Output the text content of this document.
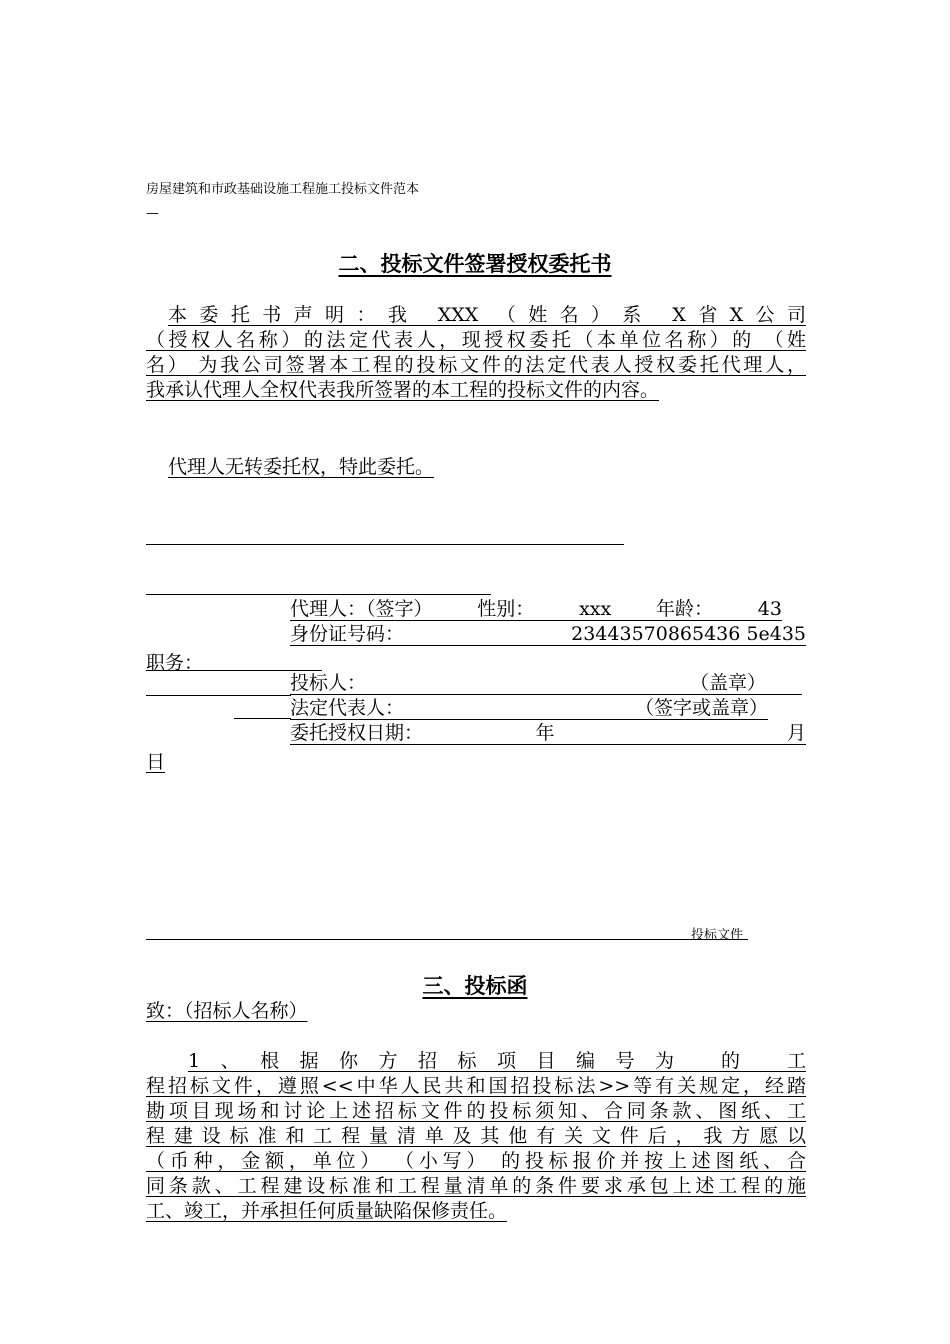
房屋建筑和市政基础设施工程施工投标文件范本
—
二、投标文件签署授权委托书
本委托书声明：我 XXX （姓名）系 X省X公司
（授权人名称）的法定代表人，现授权委托（本单位名称）的 （姓
名） 为我公司签署本工程的投标文件的法定代表人授权委托代理人，
我承认代理人全权代表我所签署的本工程的投标文件的内容。
代理人无转委托权，特此委托。
代理人：（签字） 性别： xxx 年龄： 43
身份证号码：	23443570865436 5e435
职务：
投标人：	（盖章）
法定代表人：	（签字或盖章）
委托授权日期：	年	月
日
投标文件
三、投标函
致：（招标人名称）
1、根据你方招标项目编号为 的 工
程招标文件，遵照<<中华人民共和国招投标法>>等有关规定，经踏
勘项目现场和讨论上述招标文件的投标须知、合同条款、图纸、工
程建设标准和工程量清单及其他有关文件后，我方愿以
（币种，金额，单位） （小写） 的投标报价并按上述图纸、合
同条款、工程建设标准和工程量清单的条件要求承包上述工程的施
工、竣工，并承担任何质量缺陷保修责任。
